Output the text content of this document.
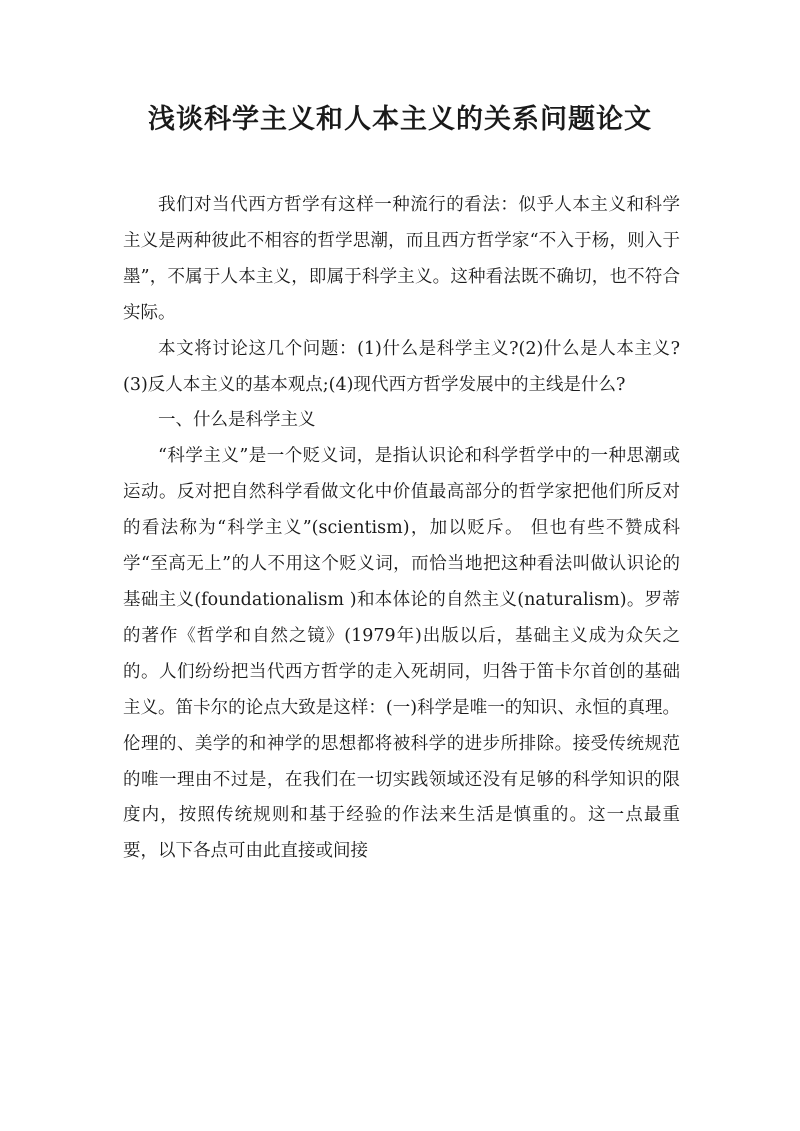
浅谈科学主义和人本主义的关系问题论文

我们对当代西方哲学有这样一种流行的看法：似乎人本主义和科学主义是两种彼此不相容的哲学思潮，而且西方哲学家“不入于杨，则入于墨”，不属于人本主义，即属于科学主义。这种看法既不确切，也不符合实际。

本文将讨论这几个问题：(1)什么是科学主义?(2)什么是人本主义?(3)反人本主义的基本观点;(4)现代西方哲学发展中的主线是什么?

一、什么是科学主义

“科学主义”是一个贬义词，是指认识论和科学哲学中的一种思潮或运动。反对把自然科学看做文化中价值最高部分的哲学家把他们所反对的看法称为“科学主义”(scientism)，加以贬斥。 但也有些不赞成科学“至高无上”的人不用这个贬义词，而恰当地把这种看法叫做认识论的基础主义(foundationalism )和本体论的自然主义(naturalism)。罗蒂的著作《哲学和自然之镜》(1979年)出版以后，基础主义成为众矢之的。人们纷纷把当代西方哲学的走入死胡同，归咎于笛卡尔首创的基础主义。笛卡尔的论点大致是这样：(一)科学是唯一的知识、永恒的真理。伦理的、美学的和神学的思想都将被科学的进步所排除。接受传统规范的唯一理由不过是，在我们在一切实践领域还没有足够的科学知识的限度内，按照传统规则和基于经验的作法来生活是慎重的。这一点最重要，以下各点可由此直接或间接
